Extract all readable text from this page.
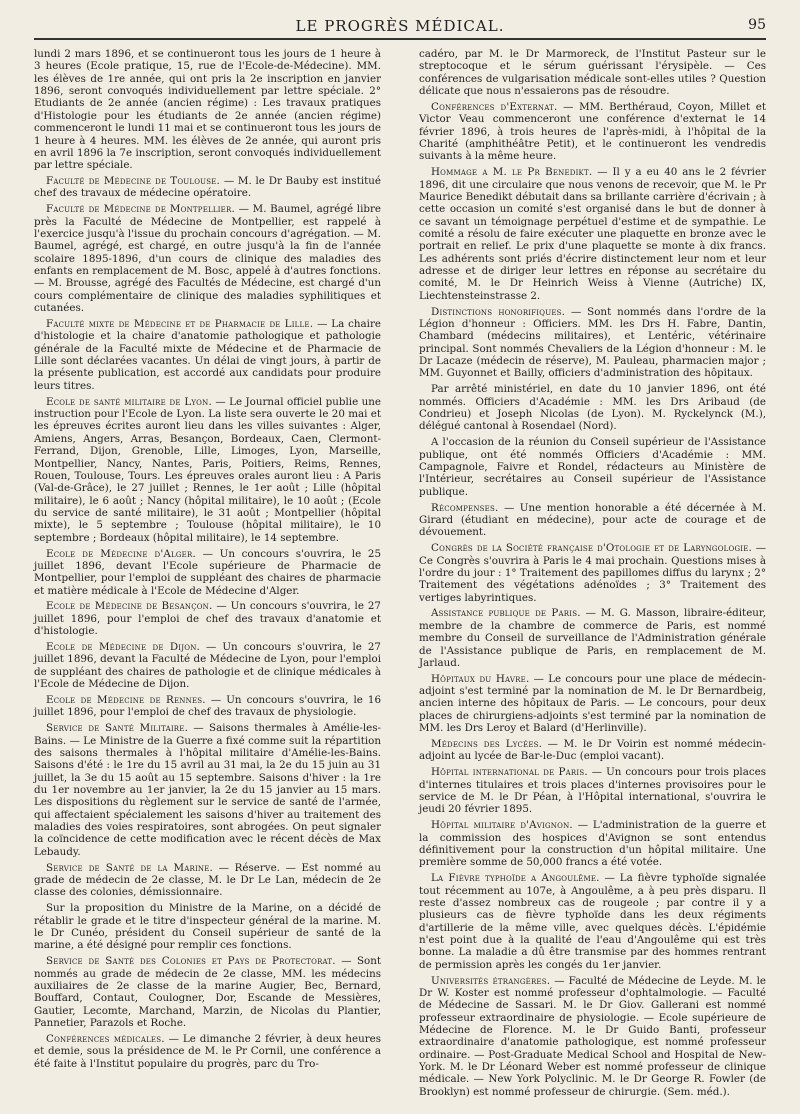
LE PROGRÈS MÉDICAL.	95

lundi 2 mars 1896, et se continueront tous les jours de 1 heure à 3 heures (Ecole pratique, 15, rue de l'Ecole-de-Médecine). MM. les élèves de 1re année, qui ont pris la 2e inscription en janvier 1896, seront convoqués individuellement par lettre spéciale. 2° Etudiants de 2e année (ancien régime) : Les travaux pratiques d'Histologie pour les étudiants de 2e année (ancien régime) commenceront le lundi 11 mai et se continueront tous les jours de 1 heure à 4 heures. MM. les élèves de 2e année, qui auront pris en avril 1896 la 7e inscription, seront convoqués individuellement par lettre spéciale.

Faculté de Médecine de Toulouse. — M. le Dr Bauby est institué chef des travaux de médecine opératoire.

Faculté de Médecine de Montpellier. — M. Baumel, agrégé libre près la Faculté de Médecine de Montpellier, est rappelé à l'exercice jusqu'à l'issue du prochain concours d'agrégation. — M. Baumel, agrégé, est chargé, en outre jusqu'à la fin de l'année scolaire 1895-1896, d'un cours de clinique des maladies des enfants en remplacement de M. Bosc, appelé à d'autres fonctions. — M. Brousse, agrégé des Facultés de Médecine, est chargé d'un cours complémentaire de clinique des maladies syphilitiques et cutanées.

Faculté mixte de Médecine et de Pharmacie de Lille. — La chaire d'histologie et la chaire d'anatomie pathologique et pathologie générale de la Faculté mixte de Médecine et de Pharmacie de Lille sont déclarées vacantes. Un délai de vingt jours, à partir de la présente publication, est accordé aux candidats pour produire leurs titres.

Ecole de santé militaire de Lyon. — Le Journal officiel publie une instruction pour l'Ecole de Lyon. La liste sera ouverte le 20 mai et les épreuves écrites auront lieu dans les villes suivantes : Alger, Amiens, Angers, Arras, Besançon, Bordeaux, Caen, Clermont-Ferrand, Dijon, Grenoble, Lille, Limoges, Lyon, Marseille, Montpellier, Nancy, Nantes, Paris, Poitiers, Reims, Rennes, Rouen, Toulouse, Tours. Les épreuves orales auront lieu : A Paris (Val-de-Grâce), le 27 juillet ; Rennes, le 1er août ; Lille (hôpital militaire), le 6 août ; Nancy (hôpital militaire), le 10 août ; (Ecole du service de santé militaire), le 31 août ; Montpellier (hôpital mixte), le 5 septembre ; Toulouse (hôpital militaire), le 10 septembre ; Bordeaux (hôpital militaire), le 14 septembre.

Ecole de Médecine d'Alger. — Un concours s'ouvrira, le 25 juillet 1896, devant l'Ecole supérieure de Pharmacie de Montpellier, pour l'emploi de suppléant des chaires de pharmacie et matière médicale à l'Ecole de Médecine d'Alger.

Ecole de Médecine de Besançon. — Un concours s'ouvrira, le 27 juillet 1896, pour l'emploi de chef des travaux d'anatomie et d'histologie.

Ecole de Médecine de Dijon. — Un concours s'ouvrira, le 27 juillet 1896, devant la Faculté de Médecine de Lyon, pour l'emploi de suppléant des chaires de pathologie et de clinique médicales à l'Ecole de Médecine de Dijon.

Ecole de Médecine de Rennes. — Un concours s'ouvrira, le 16 juillet 1896, pour l'emploi de chef des travaux de physiologie.

Service de Santé Militaire. — Saisons thermales à Amélie-les-Bains. — Le Ministre de la Guerre a fixé comme suit la répartition des saisons thermales à l'hôpital militaire d'Amélie-les-Bains. Saisons d'été : le 1re du 15 avril au 31 mai, la 2e du 15 juin au 31 juillet, la 3e du 15 août au 15 septembre. Saisons d'hiver : la 1re du 1er novembre au 1er janvier, la 2e du 15 janvier au 15 mars. Les dispositions du règlement sur le service de santé de l'armée, qui affectaient spécialement les saisons d'hiver au traitement des maladies des voies respiratoires, sont abrogées. On peut signaler la coïncidence de cette modification avec le récent décès de Max Lebaudy.

Service de Santé de la Marine. — Réserve. — Est nommé au grade de médecin de 2e classe, M. le Dr Le Lan, médecin de 2e classe des colonies, démissionnaire.

Sur la proposition du Ministre de la Marine, on a décidé de rétablir le grade et le titre d'inspecteur général de la marine. M. le Dr Cunéo, président du Conseil supérieur de santé de la marine, a été désigné pour remplir ces fonctions.

Service de Santé des Colonies et Pays de Protectorat. — Sont nommés au grade de médecin de 2e classe, MM. les médecins auxiliaires de 2e classe de la marine Augier, Bec, Bernard, Bouffard, Contaut, Coulogner, Dor, Escande de Messières, Gautier, Lecomte, Marchand, Marzin, de Nicolas du Plantier, Pannetier, Parazols et Roche.

Conférences médicales. — Le dimanche 2 février, à deux heures et demie, sous la présidence de M. le Pr Cornil, une conférence a été faite à l'Institut populaire du progrès, parc du Tro-

cadéro, par M. le Dr Marmoreck, de l'Institut Pasteur sur le streptocoque et le sérum guérissant l'érysipèle. — Ces conférences de vulgarisation médicale sont-elles utiles ? Question délicate que nous n'essaierons pas de résoudre.

Conférences d'Externat. — MM. Berthéraud, Coyon, Millet et Victor Veau commenceront une conférence d'externat le 14 février 1896, à trois heures de l'après-midi, à l'hôpital de la Charité (amphithéâtre Petit), et le continueront les vendredis suivants à la même heure.

Hommage a M. le Pr Benedikt. — Il y a eu 40 ans le 2 février 1896, dit une circulaire que nous venons de recevoir, que M. le Pr Maurice Benedikt débutait dans sa brillante carrière d'écrivain ; à cette occasion un comité s'est organisé dans le but de donner à ce savant un témoignage perpétuel d'estime et de sympathie. Le comité a résolu de faire exécuter une plaquette en bronze avec le portrait en relief. Le prix d'une plaquette se monte à dix francs. Les adhérents sont priés d'écrire distinctement leur nom et leur adresse et de diriger leur lettres en réponse au secrétaire du comité, M. le Dr Heinrich Weiss à Vienne (Autriche) IX, Liechtensteinstrasse 2.

Distinctions honorifiques. — Sont nommés dans l'ordre de la Légion d'honneur : Officiers. MM. les Drs H. Fabre, Dantin, Chambard (médecins militaires), et Lentéric, vétérinaire principal. Sont nommés Chevaliers de la Légion d'honneur : M. le Dr Lacaze (médecin de réserve), M. Pauleau, pharmacien major ; MM. Guyonnet et Bailly, officiers d'administration des hôpitaux.

Par arrêté ministériel, en date du 10 janvier 1896, ont été nommés. Officiers d'Académie : MM. les Drs Aribaud (de Condrieu) et Joseph Nicolas (de Lyon). M. Ryckelynck (M.), délégué cantonal à Rosendael (Nord).

A l'occasion de la réunion du Conseil supérieur de l'Assistance publique, ont été nommés Officiers d'Académie : MM. Campagnole, Faivre et Rondel, rédacteurs au Ministère de l'Intérieur, secrétaires au Conseil supérieur de l'Assistance publique.

Récompenses. — Une mention honorable a été décernée à M. Girard (étudiant en médecine), pour acte de courage et de dévouement.

Congrès de la Société française d'Otologie et de Laryngologie. — Ce Congrès s'ouvrira à Paris le 4 mai prochain. Questions mises à l'ordre du jour : 1° Traitement des papillomes diffus du larynx ; 2° Traitement des végétations adénoïdes ; 3° Traitement des vertiges labyrintiques.

Assistance publique de Paris. — M. G. Masson, libraire-éditeur, membre de la chambre de commerce de Paris, est nommé membre du Conseil de surveillance de l'Administration générale de l'Assistance publique de Paris, en remplacement de M. Jarlaud.

Hôpitaux du Havre. — Le concours pour une place de médecin-adjoint s'est terminé par la nomination de M. le Dr Bernardbeig, ancien interne des hôpitaux de Paris. — Le concours, pour deux places de chirurgiens-adjoints s'est terminé par la nomination de MM. les Drs Leroy et Balard (d'Herlinville).

Médecins des Lycées. — M. le Dr Voirin est nommé médecin-adjoint au lycée de Bar-le-Duc (emploi vacant).

Hôpital international de Paris. — Un concours pour trois places d'internes titulaires et trois places d'internes provisoires pour le service de M. le Dr Péan, à l'Hôpital international, s'ouvrira le jeudi 20 février 1895.

Hôpital militaire d'Avignon. — L'administration de la guerre et la commission des hospices d'Avignon se sont entendus définitivement pour la construction d'un hôpital militaire. Une première somme de 50,000 francs a été votée.

La Fièvre typhoïde a Angoulême. — La fièvre typhoïde signalée tout récemment au 107e, à Angoulême, a à peu près disparu. Il reste d'assez nombreux cas de rougeole ; par contre il y a plusieurs cas de fièvre typhoïde dans les deux régiments d'artillerie de la même ville, avec quelques décès. L'épidémie n'est point due à la qualité de l'eau d'Angoulême qui est très bonne. La maladie a dû être transmise par des hommes rentrant de permission après les congés du 1er janvier.

Universités étrangères. — Faculté de Médecine de Leyde. M. le Dr W. Koster est nommé professeur d'ophtalmologie. — Faculté de Médecine de Sassari. M. le Dr Giov. Gallerani est nommé professeur extraordinaire de physiologie. — Ecole supérieure de Médecine de Florence. M. le Dr Guido Banti, professeur extraordinaire d'anatomie pathologique, est nommé professeur ordinaire. — Post-Graduate Medical School and Hospital de New-York. M. le Dr Léonard Weber est nommé professeur de clinique médicale. — New York Polyclinic. M. le Dr George R. Fowler (de Brooklyn) est nommé professeur de chirurgie. (Sem. méd.).
